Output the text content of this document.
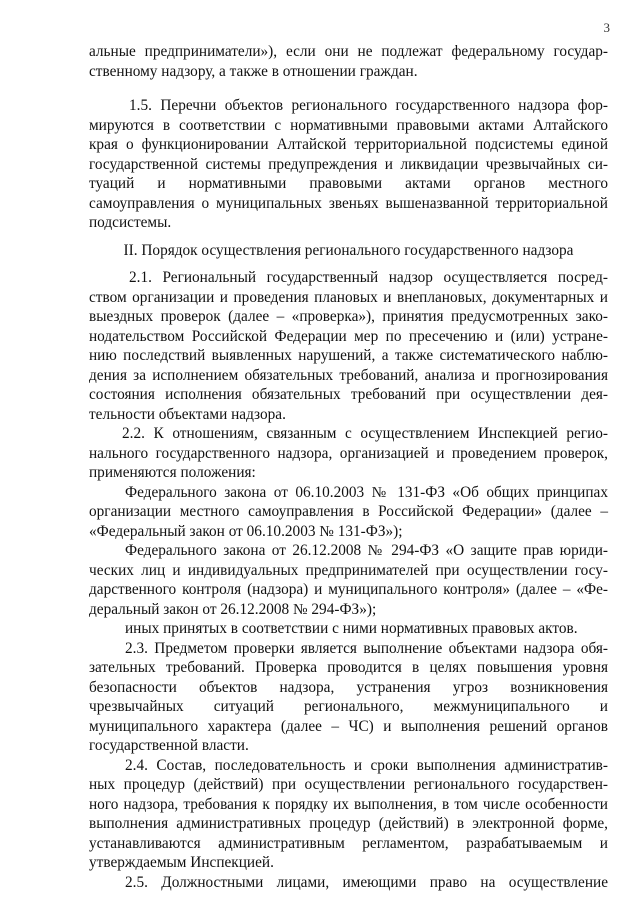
3
альные предприниматели»), если они не подлежат федеральному государ-
ственному надзору, а также в отношении граждан.
1.5. Перечни объектов регионального государственного надзора фор-
мируются в соответствии с нормативными правовыми актами Алтайского
края о функционировании Алтайской территориальной подсистемы единой
государственной системы предупреждения и ликвидации чрезвычайных си-
туаций и нормативными правовыми актами органов местного
самоуправления о муниципальных звеньях вышеназванной территориальной
подсистемы.
II. Порядок осуществления регионального государственного надзора
2.1. Региональный государственный надзор осуществляется посред-
ством организации и проведения плановых и внеплановых, документарных и
выездных проверок (далее – «проверка»), принятия предусмотренных зако-
нодательством Российской Федерации мер по пресечению и (или) устране-
нию последствий выявленных нарушений, а также систематического наблю-
дения за исполнением обязательных требований, анализа и прогнозирования
состояния исполнения обязательных требований при осуществлении дея-
тельности объектами надзора.
2.2. К отношениям, связанным с осуществлением Инспекцией регио-
нального государственного надзора, организацией и проведением проверок,
применяются положения:
Федерального закона от 06.10.2003 № 131-ФЗ «Об общих принципах
организации местного самоуправления в Российской Федерации» (далее –
«Федеральный закон от 06.10.2003 № 131-ФЗ»);
Федерального закона от 26.12.2008 № 294-ФЗ «О защите прав юриди-
ческих лиц и индивидуальных предпринимателей при осуществлении госу-
дарственного контроля (надзора) и муниципального контроля» (далее – «Фе-
деральный закон от 26.12.2008 № 294-ФЗ»);
иных принятых в соответствии с ними нормативных правовых актов.
2.3. Предметом проверки является выполнение объектами надзора обя-
зательных требований. Проверка проводится в целях повышения уровня
безопасности объектов надзора, устранения угроз возникновения
чрезвычайных ситуаций регионального, межмуниципального и
муниципального характера (далее – ЧС) и выполнения решений органов
государственной власти.
2.4. Состав, последовательность и сроки выполнения административ-
ных процедур (действий) при осуществлении регионального государствен-
ного надзора, требования к порядку их выполнения, в том числе особенности
выполнения административных процедур (действий) в электронной форме,
устанавливаются административным регламентом, разрабатываемым и
утверждаемым Инспекцией.
2.5. Должностными лицами, имеющими право на осуществление
